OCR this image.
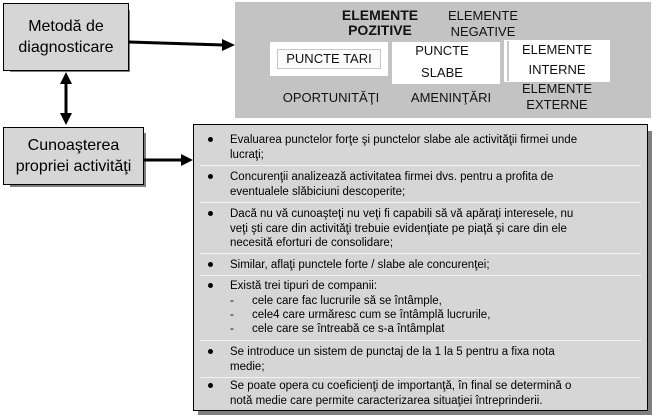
Metodă de
diagnosticare
Cunoaşterea
propriei activităţi
ELEMENTE
POZITIVE
ELEMENTE
NEGATIVE
PUNCTE TARI
PUNCTE
SLABE
ELEMENTE
INTERNE
OPORTUNITĂŢI	AMENINŢĂRI
ELEMENTE
EXTERNE
Evaluarea punctelor forţe şi punctelor slabe ale activităţii firmei unde
lucraţi;
Concurenţii analizează activitatea firmei dvs. pentru a profita de
eventualele slăbiciuni descoperite;
Dacă nu vă cunoaşteţi nu veţi fi capabili să vă apăraţi interesele, nu
veţi şti care din activităţi trebuie evidenţiate pe piaţă şi care din ele
necesită eforturi de consolidare;
Similar, aflaţi punctele forte / slabe ale concurenţei;
Există trei tipuri de companii:
- cele care fac lucrurile să se întâmple,
- cele4 care urmăresc cum se întâmplă lucrurile,
- cele care se întreabă ce s-a întâmplat
Se introduce un sistem de punctaj de la 1 la 5 pentru a fixa nota
medie;
Se poate opera cu coeficienţi de importanţă, în final se determină o
notă medie care permite caracterizarea situaţiei întreprinderii.
